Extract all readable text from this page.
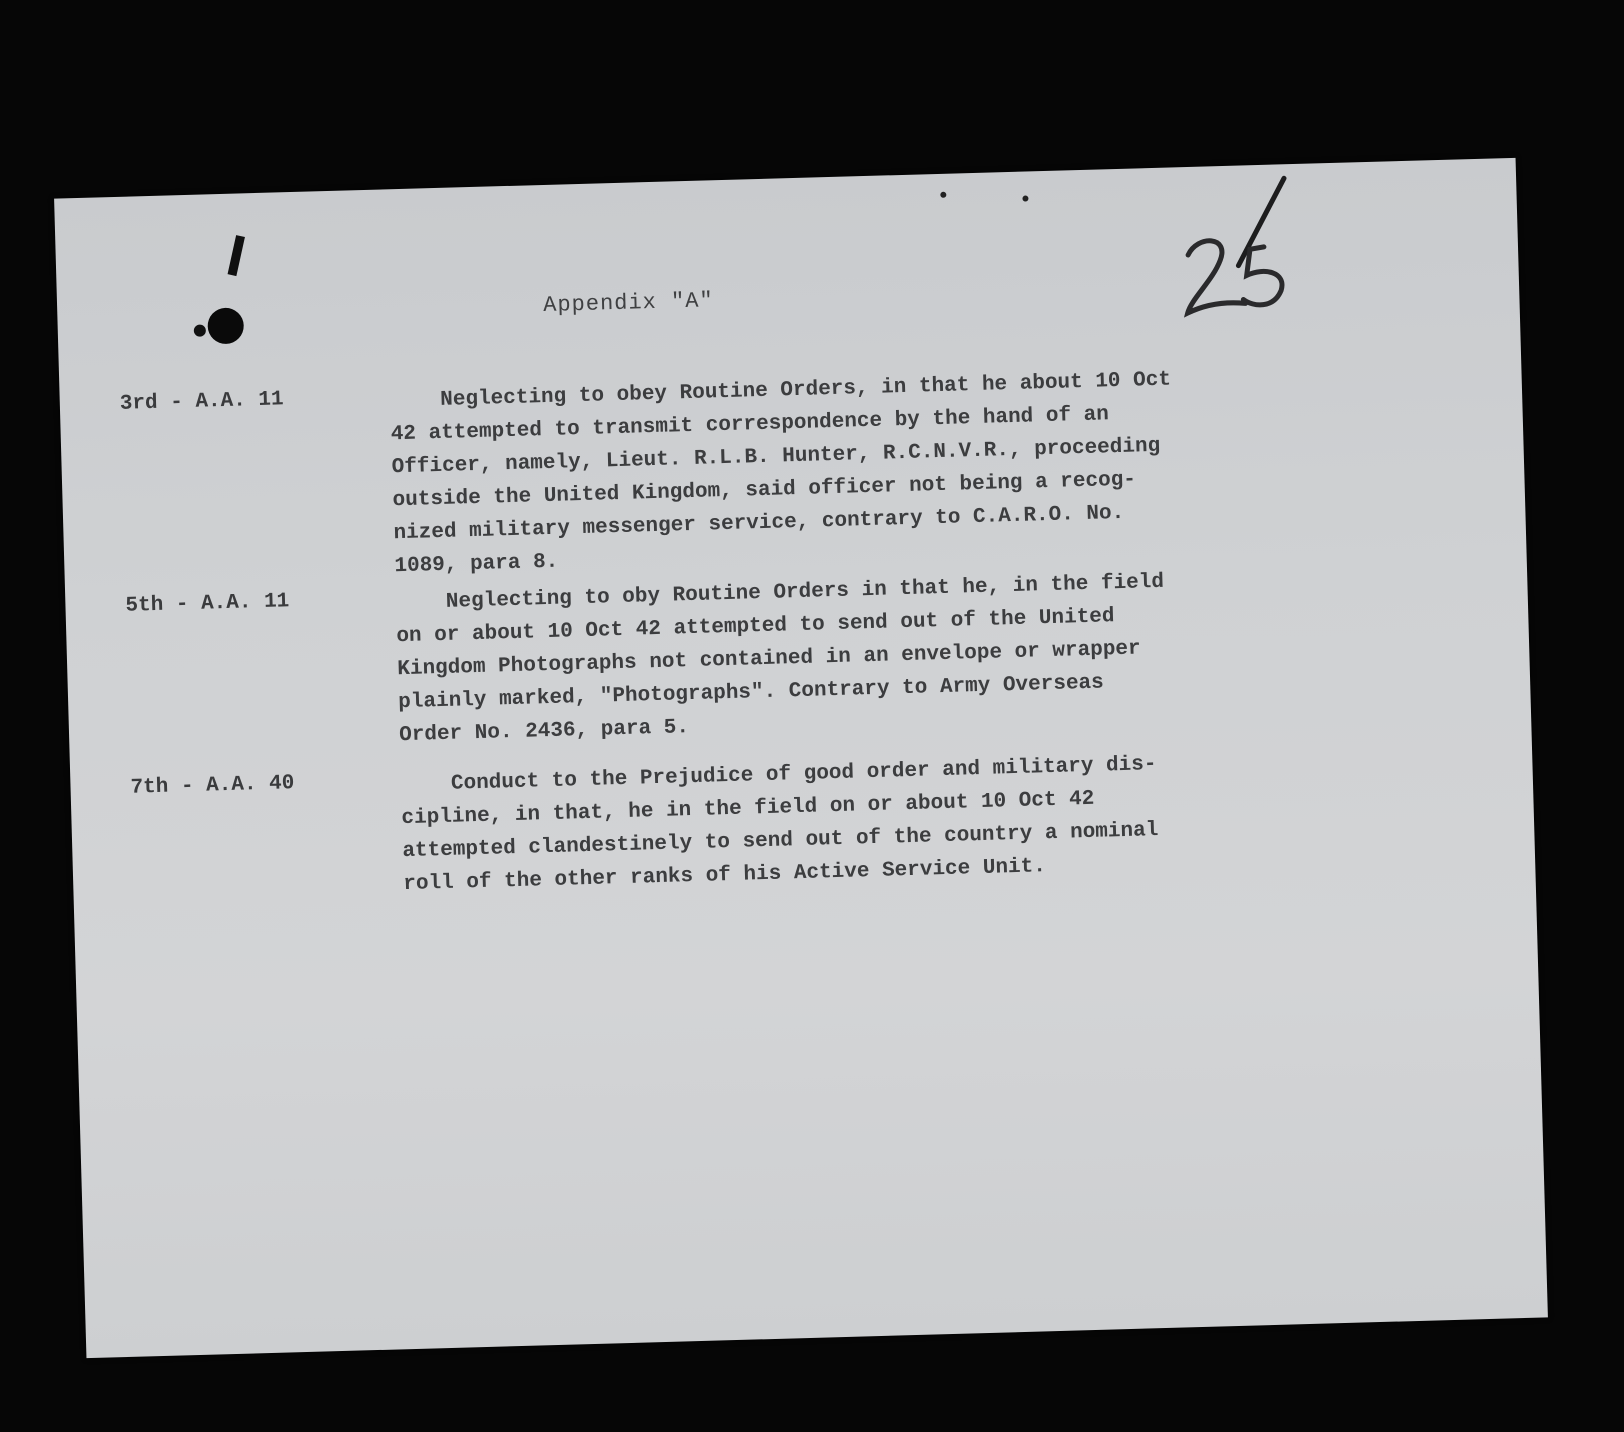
Appendix "A"
3rd - A.A. 11	Neglecting to obey Routine Orders, in that he about 10 Oct
42 attempted to transmit correspondence by the hand of an
Officer, namely, Lieut. R.L.B. Hunter, R.C.N.V.R., proceeding
outside the United Kingdom, said officer not being a recog-
nized military messenger service, contrary to C.A.R.O. No.
1089, para 8.
5th - A.A. 11	Neglecting to oby Routine Orders in that he, in the field
on or about 10 Oct 42 attempted to send out of the United
Kingdom Photographs not contained in an envelope or wrapper
plainly marked, "Photographs". Contrary to Army Overseas
Order No. 2436, para 5.
7th - A.A. 40	Conduct to the Prejudice of good order and military dis-
cipline, in that, he in the field on or about 10 Oct 42
attempted clandestinely to send out of the country a nominal
roll of the other ranks of his Active Service Unit.
